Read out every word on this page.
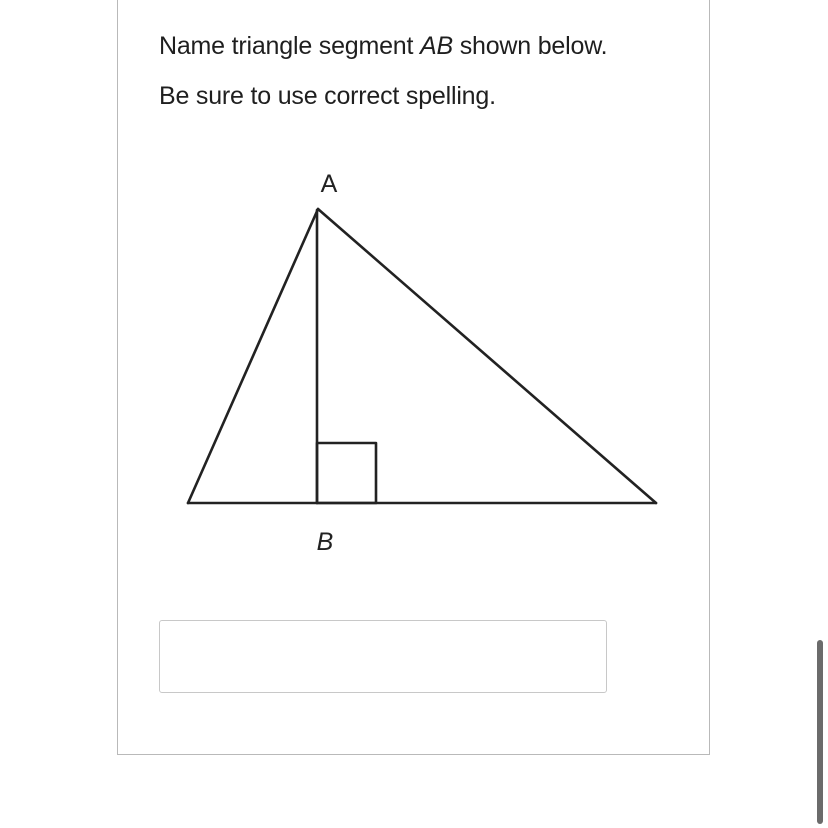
Name triangle segment AB shown below.

Be sure to use correct spelling.

A
B
